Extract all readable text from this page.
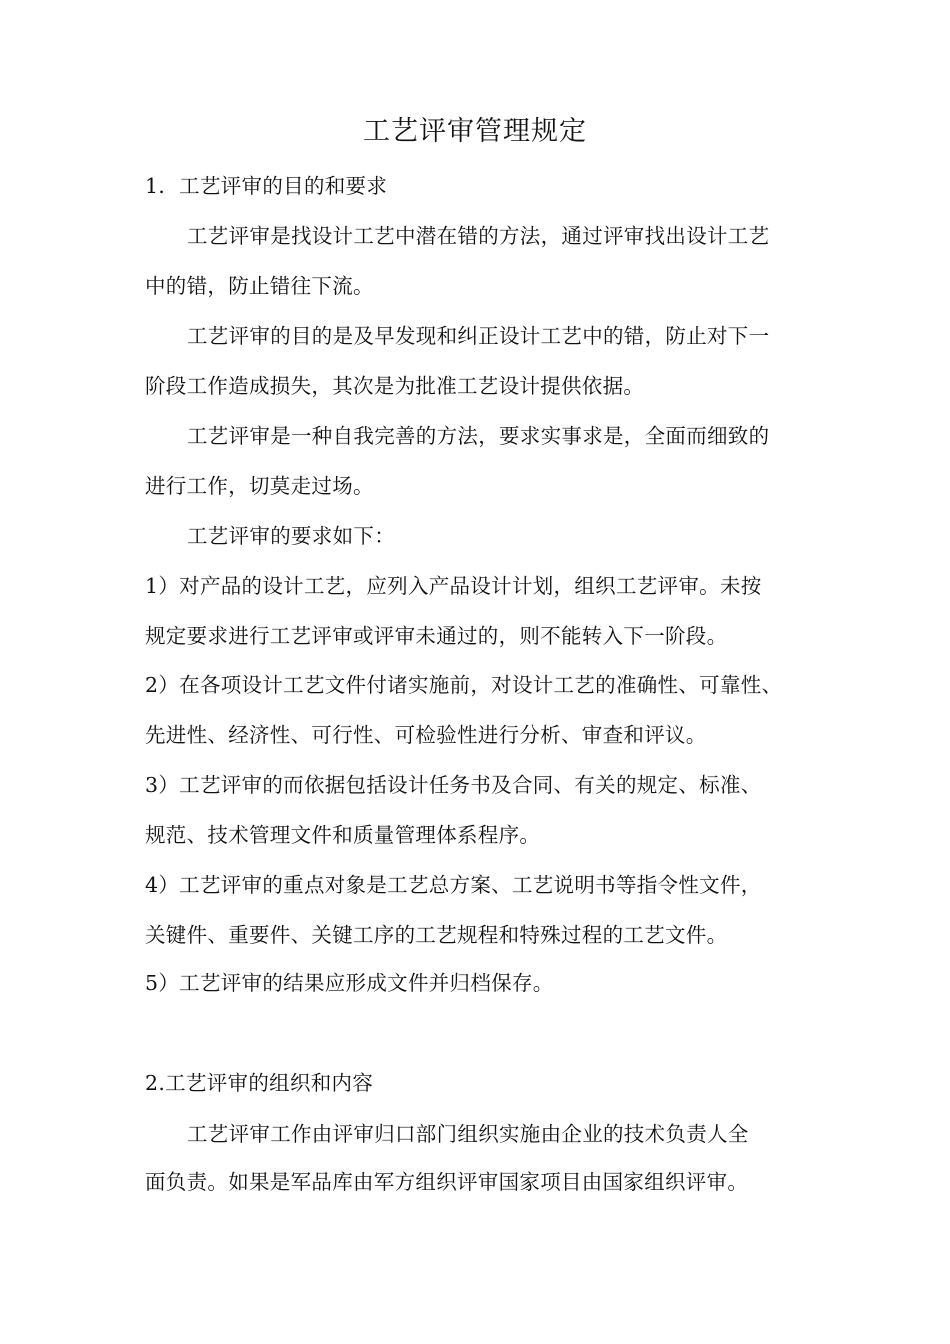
工艺评审管理规定
1．工艺评审的目的和要求
工艺评审是找设计工艺中潜在错的方法，通过评审找出设计工艺
中的错，防止错往下流。
工艺评审的目的是及早发现和纠正设计工艺中的错，防止对下一
阶段工作造成损失，其次是为批准工艺设计提供依据。
工艺评审是一种自我完善的方法，要求实事求是，全面而细致的
进行工作，切莫走过场。
工艺评审的要求如下：
1）对产品的设计工艺，应列入产品设计计划，组织工艺评审。未按
规定要求进行工艺评审或评审未通过的，则不能转入下一阶段。
2）在各项设计工艺文件付诸实施前，对设计工艺的准确性、可靠性、
先进性、经济性、可行性、可检验性进行分析、审查和评议。
3）工艺评审的而依据包括设计任务书及合同、有关的规定、标准、
规范、技术管理文件和质量管理体系程序。
4）工艺评审的重点对象是工艺总方案、工艺说明书等指令性文件，
关键件、重要件、关键工序的工艺规程和特殊过程的工艺文件。
5）工艺评审的结果应形成文件并归档保存。
2.工艺评审的组织和内容
工艺评审工作由评审归口部门组织实施由企业的技术负责人全
面负责。如果是军品库由军方组织评审国家项目由国家组织评审。
